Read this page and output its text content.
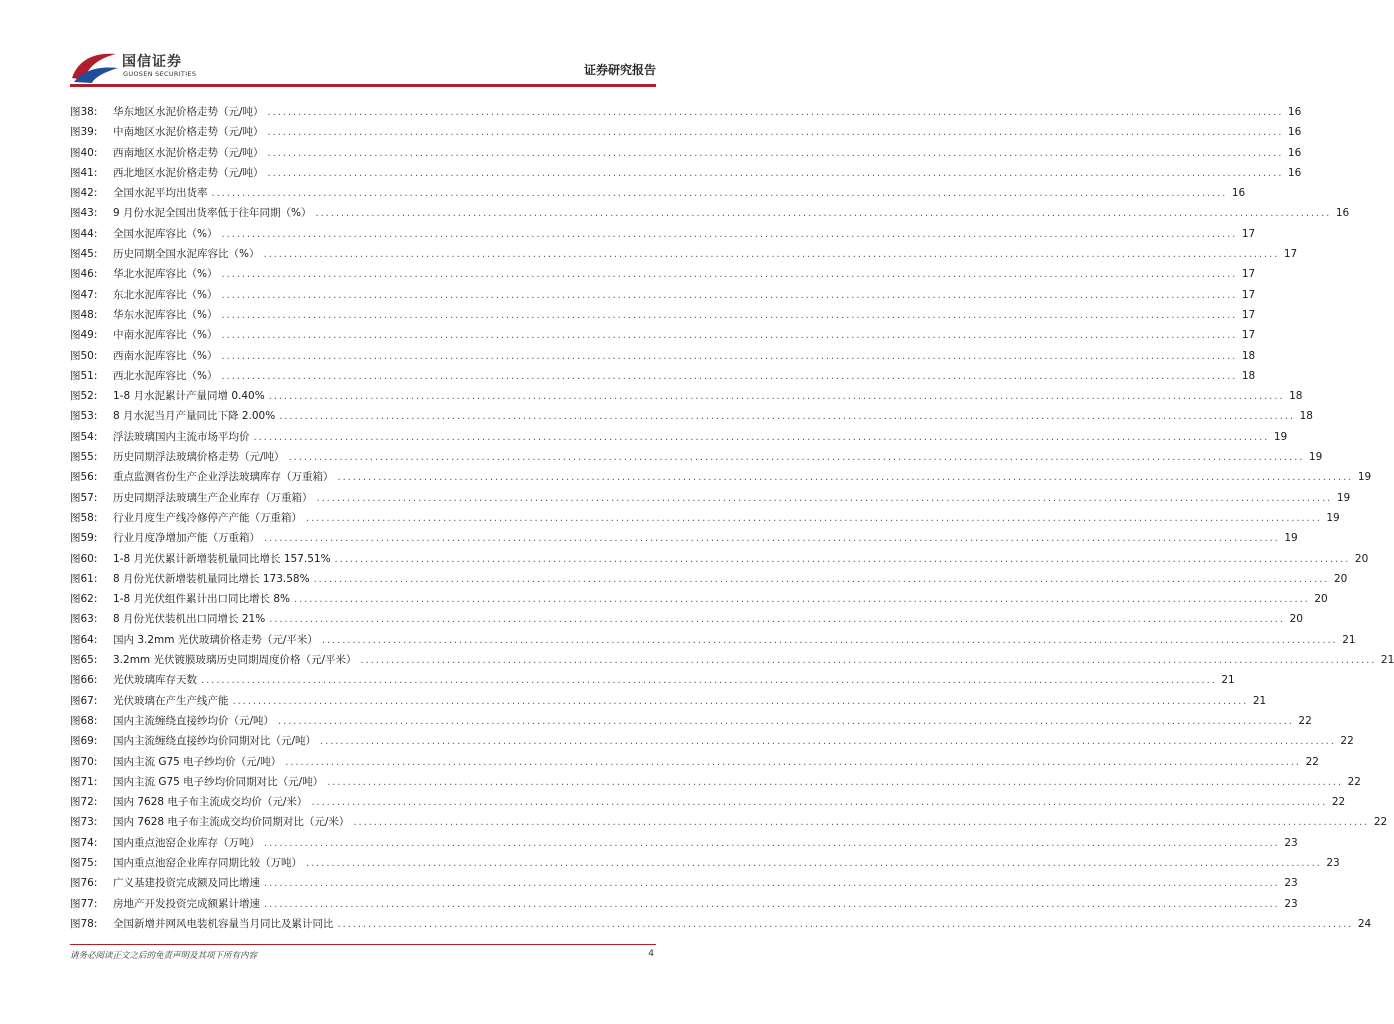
国信证券
GUOSEN SECURITIES	证券研究报告
图38:	华东地区水泥价格走势（元/吨） ........................................................................................................................................................................................................ 16
图39:	中南地区水泥价格走势（元/吨） ........................................................................................................................................................................................................ 16
图40:	西南地区水泥价格走势（元/吨） ........................................................................................................................................................................................................ 16
图41:	西北地区水泥价格走势（元/吨） ........................................................................................................................................................................................................ 16
图42:	全国水泥平均出货率 ........................................................................................................................................................................................................ 16
图43:	9 月份水泥全国出货率低于往年同期（%） ........................................................................................................................................................................................................ 16
图44:	全国水泥库容比（%） ........................................................................................................................................................................................................ 17
图45:	历史同期全国水泥库容比（%） ........................................................................................................................................................................................................ 17
图46:	华北水泥库容比（%） ........................................................................................................................................................................................................ 17
图47:	东北水泥库容比（%） ........................................................................................................................................................................................................ 17
图48:	华东水泥库容比（%） ........................................................................................................................................................................................................ 17
图49:	中南水泥库容比（%） ........................................................................................................................................................................................................ 17
图50:	西南水泥库容比（%） ........................................................................................................................................................................................................ 18
图51:	西北水泥库容比（%） ........................................................................................................................................................................................................ 18
图52:	1-8 月水泥累计产量同增 0.40% ........................................................................................................................................................................................................ 18
图53:	8 月水泥当月产量同比下降 2.00% ........................................................................................................................................................................................................ 18
图54:	浮法玻璃国内主流市场平均价 ........................................................................................................................................................................................................ 19
图55:	历史同期浮法玻璃价格走势（元/吨） ........................................................................................................................................................................................................ 19
图56:	重点监测省份生产企业浮法玻璃库存（万重箱） ........................................................................................................................................................................................................ 19
图57:	历史同期浮法玻璃生产企业库存（万重箱） ........................................................................................................................................................................................................ 19
图58:	行业月度生产线冷修停产产能（万重箱） ........................................................................................................................................................................................................ 19
图59:	行业月度净增加产能（万重箱） ........................................................................................................................................................................................................ 19
图60:	1-8 月光伏累计新增装机量同比增长 157.51% ........................................................................................................................................................................................................ 20
图61:	8 月份光伏新增装机量同比增长 173.58% ........................................................................................................................................................................................................ 20
图62:	1-8 月光伏组件累计出口同比增长 8% ........................................................................................................................................................................................................ 20
图63:	8 月份光伏装机出口同增长 21% ........................................................................................................................................................................................................ 20
图64:	国内 3.2mm 光伏玻璃价格走势（元/平米） ........................................................................................................................................................................................................ 21
图65:	3.2mm 光伏镀膜玻璃历史同期周度价格（元/平米） ........................................................................................................................................................................................................ 21
图66:	光伏玻璃库存天数 ........................................................................................................................................................................................................ 21
图67:	光伏玻璃在产生产线产能 ........................................................................................................................................................................................................ 21
图68:	国内主流缠绕直接纱均价（元/吨） ........................................................................................................................................................................................................ 22
图69:	国内主流缠绕直接纱均价同期对比（元/吨） ........................................................................................................................................................................................................ 22
图70:	国内主流 G75 电子纱均价（元/吨） ........................................................................................................................................................................................................ 22
图71:	国内主流 G75 电子纱均价同期对比（元/吨） ........................................................................................................................................................................................................ 22
图72:	国内 7628 电子布主流成交均价（元/米） ........................................................................................................................................................................................................ 22
图73:	国内 7628 电子布主流成交均价同期对比（元/米） ........................................................................................................................................................................................................ 22
图74:	国内重点池窑企业库存（万吨） ........................................................................................................................................................................................................ 23
图75:	国内重点池窑企业库存同期比较（万吨） ........................................................................................................................................................................................................ 23
图76:	广义基建投资完成额及同比增速 ........................................................................................................................................................................................................ 23
图77:	房地产开发投资完成额累计增速 ........................................................................................................................................................................................................ 23
图78:	全国新增并网风电装机容量当月同比及累计同比 ........................................................................................................................................................................................................ 24
请务必阅读正文之后的免责声明及其项下所有内容	4
